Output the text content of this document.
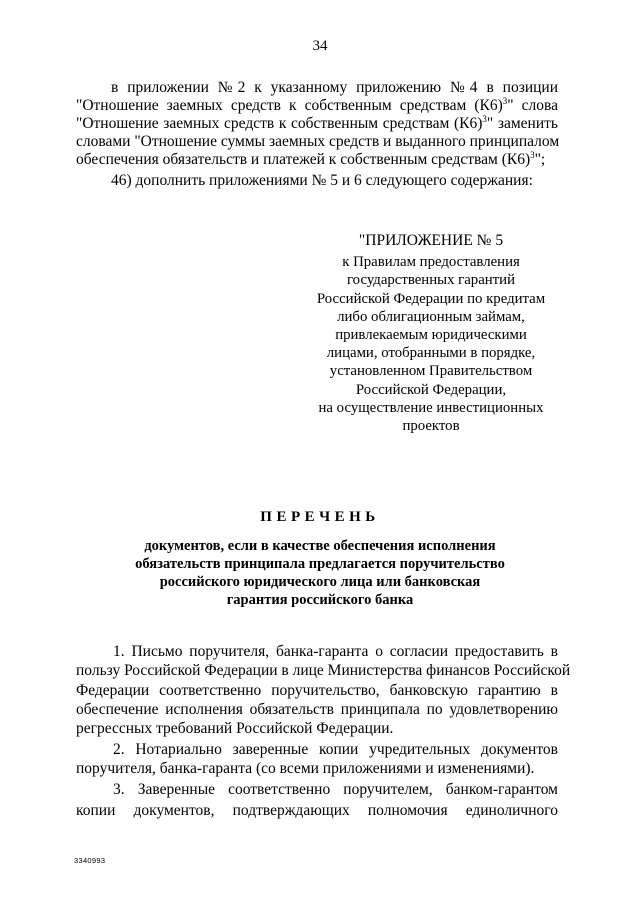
34
в приложении №2 к указанному приложению №4 в позиции
"Отношение заемных средств к собственным средствам $(К6)^3$" слова
"Отношение заемных средств к собственным средствам $(К6)^3$" заменить
словами "Отношение суммы заемных средств и выданного принципалом
обеспечения обязательств и платежей к собственным средствам $(К6)^3$";
46) дополнить приложениями № 5 и 6 следующего содержания:
"ПРИЛОЖЕНИЕ № 5
к Правилам предоставления
государственных гарантий
Российской Федерации по кредитам
либо облигационным займам,
привлекаемым юридическими
лицами, отобранными в порядке,
установленном Правительством
Российской Федерации,
на осуществление инвестиционных
проектов
ПЕРЕЧЕНЬ
документов, если в качестве обеспечения исполнения
обязательств принципала предлагается поручительство
российского юридического лица или банковская
гарантия российского банка
1. Письмо поручителя, банка-гаранта о согласии предоставить в
пользу Российской Федерации в лице Министерства финансов Российской
Федерации соответственно поручительство, банковскую гарантию в
обеспечение исполнения обязательств принципала по удовлетворению
регрессных требований Российской Федерации.
2. Нотариально заверенные копии учредительных документов
поручителя, банка-гаранта (со всеми приложениями и изменениями).
3. Заверенные соответственно поручителем, банком-гарантом
копии документов, подтверждающих полномочия единоличного
3340993
